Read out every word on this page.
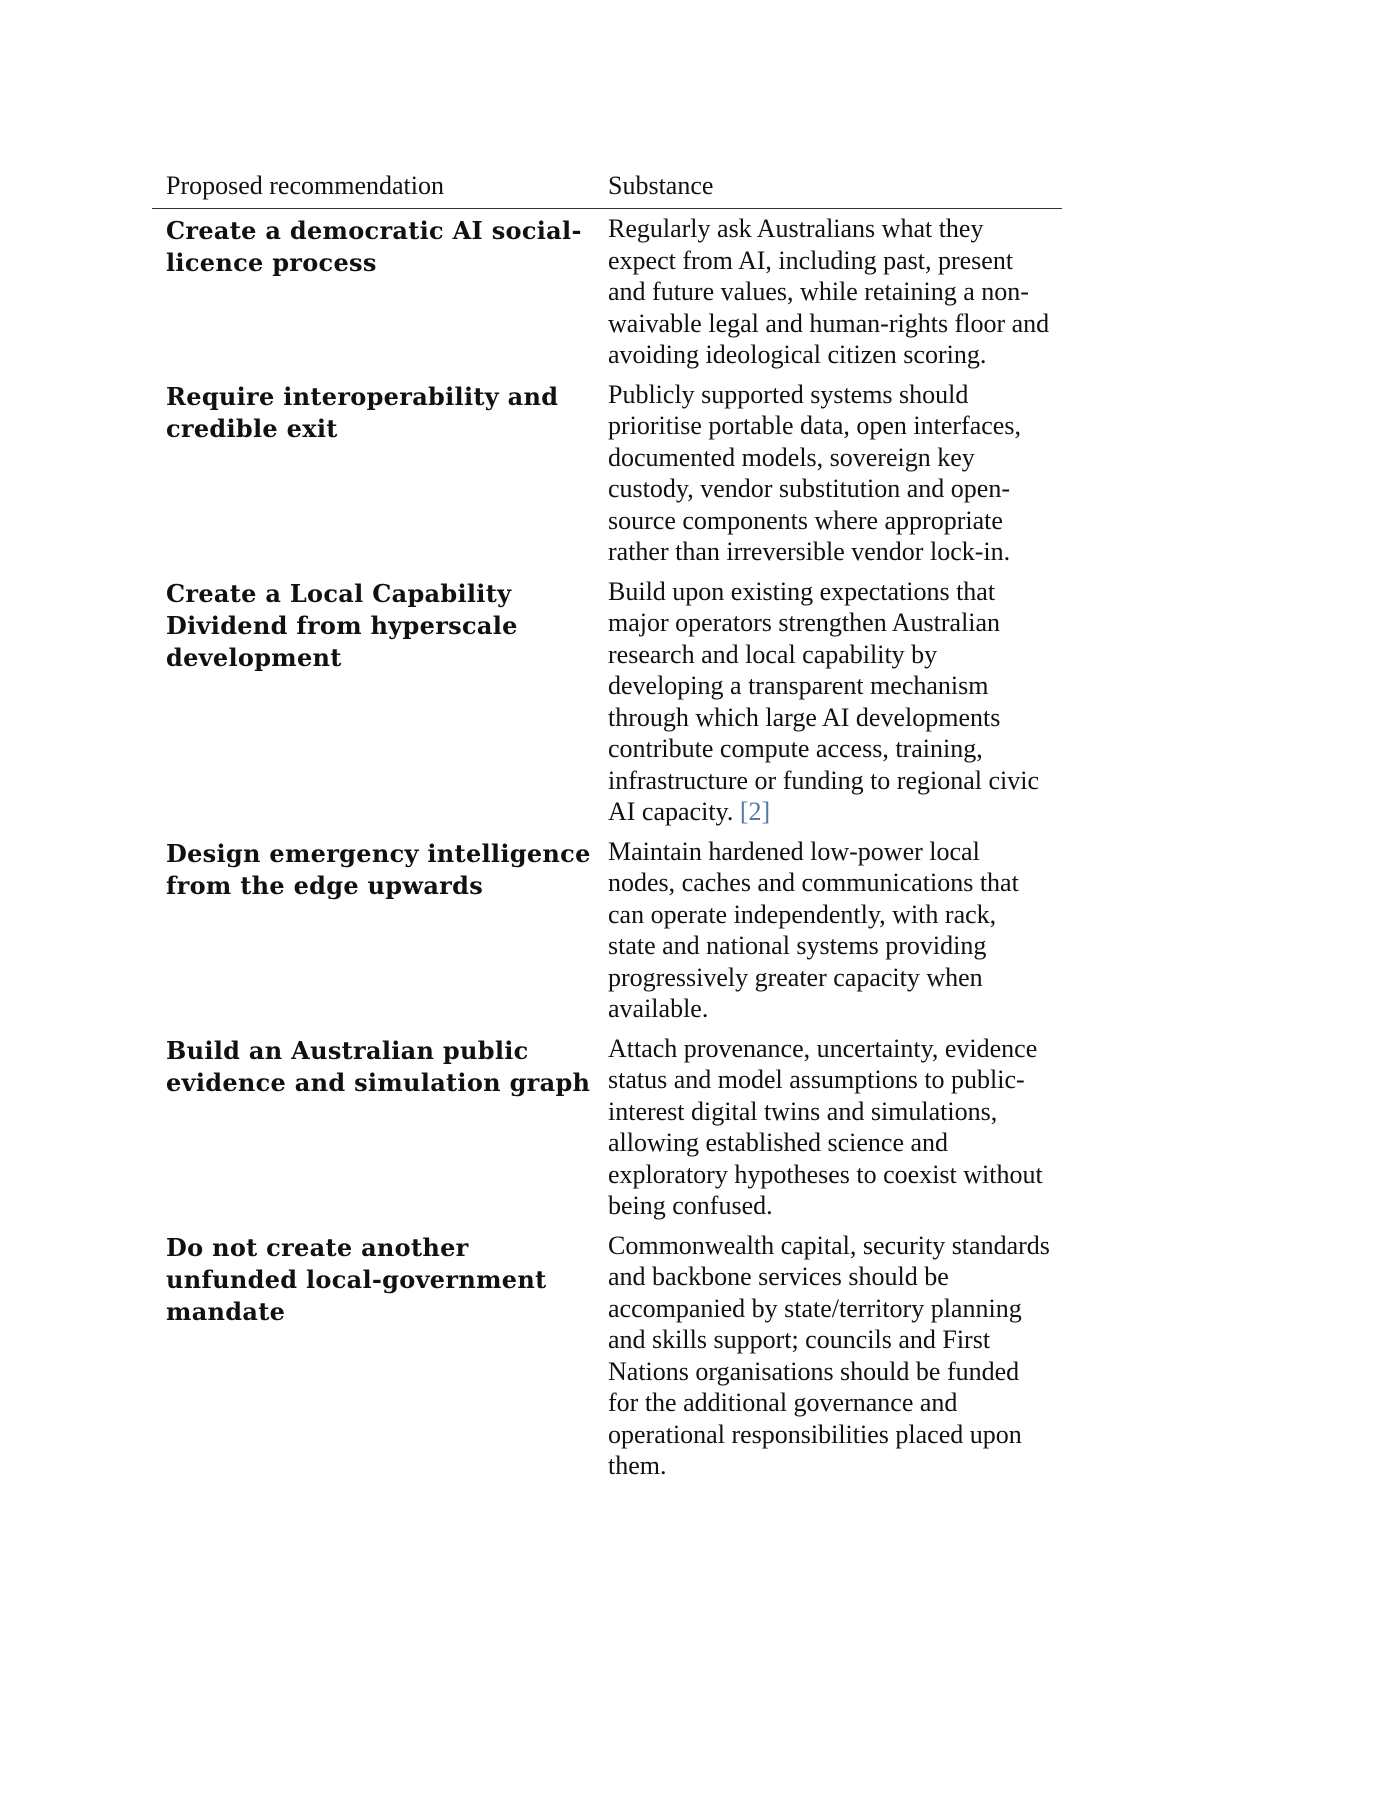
Proposed recommendation	Substance
Create a democratic AI social-licence process
Regularly ask Australians what they expect from AI, including past, present and future values, while retaining a non-waivable legal and human-rights floor and avoiding ideological citizen scoring.
Require interoperability and credible exit
Publicly supported systems should prioritise portable data, open interfaces, documented models, sovereign key custody, vendor substitution and open-source components where appropriate rather than irreversible vendor lock-in.
Create a Local Capability Dividend from hyperscale development
Build upon existing expectations that major operators strengthen Australian research and local capability by developing a transparent mechanism through which large AI developments contribute compute access, training, infrastructure or funding to regional civic AI capacity. [2]
Design emergency intelligence from the edge upwards
Maintain hardened low-power local nodes, caches and communications that can operate independently, with rack, state and national systems providing progressively greater capacity when available.
Build an Australian public evidence and simulation graph
Attach provenance, uncertainty, evidence status and model assumptions to public-interest digital twins and simulations, allowing established science and exploratory hypotheses to coexist without being confused.
Do not create another unfunded local-government mandate
Commonwealth capital, security standards and backbone services should be accompanied by state/territory planning and skills support; councils and First Nations organisations should be funded for the additional governance and operational responsibilities placed upon them.
